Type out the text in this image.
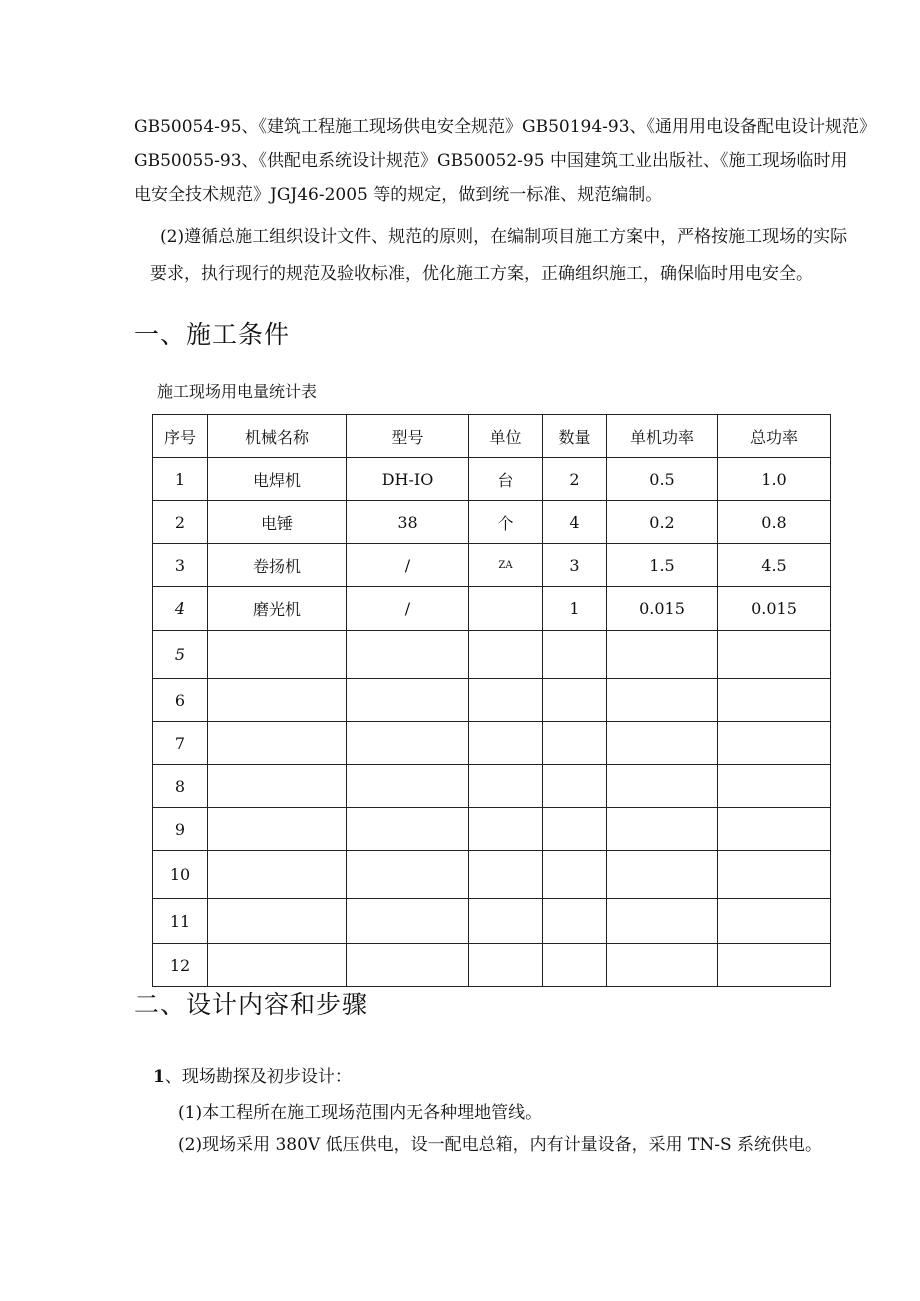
GB50054-95、《建筑工程施工现场供电安全规范》GB50194-93、《通用用电设备配电设计规范》
GB50055-93、《供配电系统设计规范》GB50052-95 中国建筑工业出版社、《施工现场临时用
电安全技术规范》JGJ46-2005 等的规定，做到统一标准、规范编制。
(2)遵循总施工组织设计文件、规范的原则，在编制项目施工方案中，严格按施工现场的实际
要求，执行现行的规范及验收标准，优化施工方案，正确组织施工，确保临时用电安全。
一、施工条件
施工现场用电量统计表
序号	机械名称	型号	单位	数量	单机功率	总功率
1	电焊机	DH-IO	台	2	0.5	1.0
2	电锤	38	个	4	0.2	0.8
3	卷扬机	/	ZA	3	1.5	4.5
4	磨光机	/		1	0.015	0.015
5						
6						
7						
8						
9						
10						
11						
12						
二、设计内容和步骤
1、现场勘探及初步设计：
(1)本工程所在施工现场范围内无各种埋地管线。
(2)现场采用 380V 低压供电，设一配电总箱，内有计量设备，采用 TN-S 系统供电。
